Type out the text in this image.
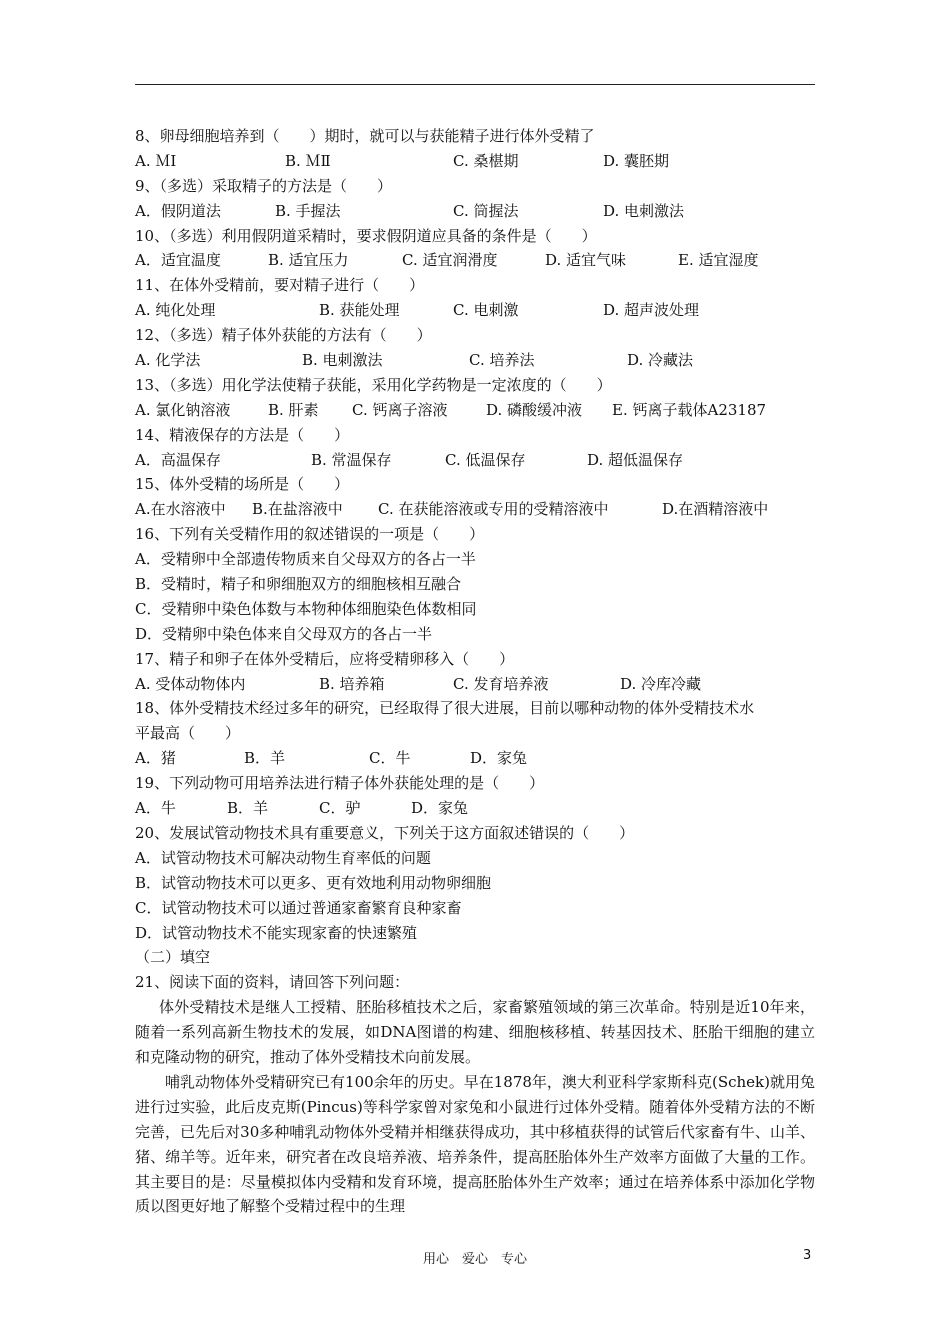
8、卵母细胞培养到（　　）期时，就可以与获能精子进行体外受精了
A. ＭⅠ	B. ＭⅡ	C. 桑椹期	D. 囊胚期
9、（多选）采取精子的方法是（　　）
A．假阴道法	B. 手握法	C. 筒握法	D. 电刺激法
10、（多选）利用假阴道采精时，要求假阴道应具备的条件是（　　）
A．适宜温度	B. 适宜压力	C. 适宜润滑度	D. 适宜气味	E. 适宜湿度
11、在体外受精前，要对精子进行（　　）
A. 纯化处理	B. 获能处理	C. 电刺激	D. 超声波处理
12、（多选）精子体外获能的方法有（　　）
A. 化学法	B. 电刺激法	C. 培养法	D. 冷藏法
13、（多选）用化学法使精子获能，采用化学药物是一定浓度的（　　）
A. 氯化钠溶液	B. 肝素	C. 钙离子溶液	D. 磷酸缓冲液	E. 钙离子载体A23187
14、精液保存的方法是（　　）
A．高温保存	B. 常温保存	C. 低温保存	D. 超低温保存
15、体外受精的场所是（　　）
A.在水溶液中	B.在盐溶液中	C. 在获能溶液或专用的受精溶液中	D.在酒精溶液中
16、下列有关受精作用的叙述错误的一项是（　　）
A．受精卵中全部遗传物质来自父母双方的各占一半
B．受精时，精子和卵细胞双方的细胞核相互融合
C．受精卵中染色体数与本物种体细胞染色体数相同
D．受精卵中染色体来自父母双方的各占一半
17、精子和卵子在体外受精后，应将受精卵移入（　　）
A. 受体动物体内	B. 培养箱	C. 发育培养液	D. 冷库冷藏
18、体外受精技术经过多年的研究，已经取得了很大进展，目前以哪种动物的体外受精技术水
平最高（　　）
A．猪	B．羊	C．牛	D．家兔
19、下列动物可用培养法进行精子体外获能处理的是（　　）
A．牛	B．羊	C．驴	D．家兔
20、发展试管动物技术具有重要意义，下列关于这方面叙述错误的（　　）
A．试管动物技术可解决动物生育率低的问题
B．试管动物技术可以更多、更有效地利用动物卵细胞
C．试管动物技术可以通过普通家畜繁育良种家畜
D．试管动物技术不能实现家畜的快速繁殖
（二）填空
21、阅读下面的资料，请回答下列问题：
体外受精技术是继人工授精、胚胎移植技术之后，家畜繁殖领域的第三次革命。特别是近10年来，随着一系列高新生物技术的发展，如DNA图谱的构建、细胞核移植、转基因技术、胚胎干细胞的建立和克隆动物的研究，推动了体外受精技术向前发展。
哺乳动物体外受精研究已有100余年的历史。早在1878年，澳大利亚科学家斯科克(Schek)就用兔进行过实验，此后皮克斯(Pincus)等科学家曾对家兔和小鼠进行过体外受精。随着体外受精方法的不断完善，已先后对30多种哺乳动物体外受精并相继获得成功，其中移植获得的试管后代家畜有牛、山羊、猪、绵羊等。近年来，研究者在改良培养液、培养条件，提高胚胎体外生产效率方面做了大量的工作。其主要目的是：尽量模拟体内受精和发育环境，提高胚胎体外生产效率；通过在培养体系中添加化学物质以图更好地了解整个受精过程中的生理
用心　爱心　专心	3
